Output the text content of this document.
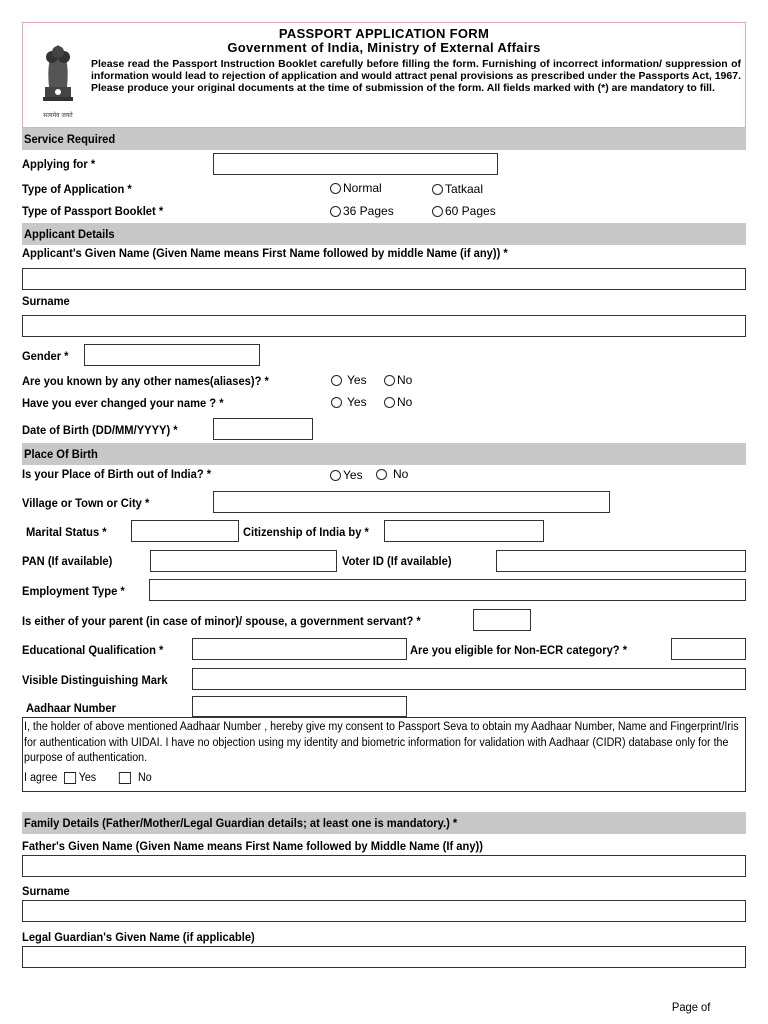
सत्यमेव जयते
PASSPORT APPLICATION FORM
Government of India, Ministry of External Affairs
Please read the Passport Instruction Booklet carefully before filling the form. Furnishing of incorrect information/ suppression of information would lead to rejection of application and would attract penal provisions as prescribed under the Passports Act, 1967. Please produce your original documents at the time of submission of the form. All fields marked with (*) are mandatory to fill.
Service Required
Applying for *
Type of Application *	Normal	Tatkaal
Type of Passport Booklet *	36 Pages	60 Pages
Applicant Details
Applicant's Given Name (Given Name means First Name followed by middle Name (if any)) *
Surname
Gender *
Are you known by any other names(aliases)? *	Yes	No
Have you ever changed your name ? *	Yes	No
Date of Birth (DD/MM/YYYY) *
Place Of Birth
Is your Place of Birth out of India? *	Yes	No
Village or Town or City *
Marital Status *	Citizenship of India by *
PAN (If available)	Voter ID (If available)
Employment Type *
Is either of your parent (in case of minor)/ spouse, a government servant? *
Educational Qualification *	Are you eligible for Non-ECR category? *
Visible Distinguishing Mark
Aadhaar Number
I, the holder of above mentioned Aadhaar Number , hereby give my consent to Passport Seva to obtain my Aadhaar Number, Name and Fingerprint/Iris for authentication with UIDAI. I have no objection using my identity and biometric information for validation with Aadhaar (CIDR) database only for the purpose of authentication.
I agree Yes	No
Family Details (Father/Mother/Legal Guardian details; at least one is mandatory.) *
Father's Given Name (Given Name means First Name followed by Middle Name (If any))
Surname
Legal Guardian's Given Name (if applicable)
Page of
